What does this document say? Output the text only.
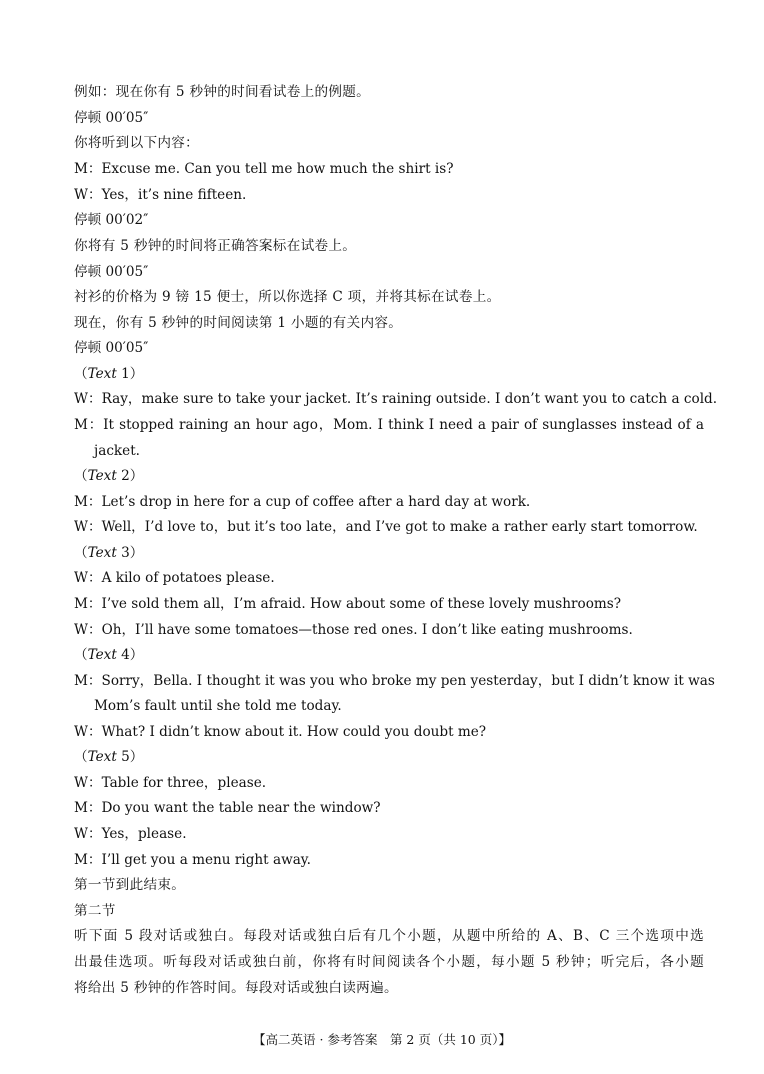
例如：现在你有 5 秒钟的时间看试卷上的例题。
停顿 00′05″
你将听到以下内容：
M：Excuse me. Can you tell me how much the shirt is?
W：Yes，it’s nine fifteen.
停顿 00′02″
你将有 5 秒钟的时间将正确答案标在试卷上。
停顿 00′05″
衬衫的价格为 9 镑 15 便士，所以你选择 C 项，并将其标在试卷上。
现在，你有 5 秒钟的时间阅读第 1 小题的有关内容。
停顿 00′05″
（Text 1）
W：Ray，make sure to take your jacket. It’s raining outside. I don’t want you to catch a cold.
M：It stopped raining an hour ago，Mom. I think I need a pair of sunglasses instead of a
jacket.
（Text 2）
M：Let’s drop in here for a cup of coffee after a hard day at work.
W：Well，I’d love to，but it’s too late，and I’ve got to make a rather early start tomorrow.
（Text 3）
W：A kilo of potatoes please.
M：I’ve sold them all，I’m afraid. How about some of these lovely mushrooms?
W：Oh，I’ll have some tomatoes—those red ones. I don’t like eating mushrooms.
（Text 4）
M：Sorry，Bella. I thought it was you who broke my pen yesterday，but I didn’t know it was
Mom’s fault until she told me today.
W：What? I didn’t know about it. How could you doubt me?
（Text 5）
W：Table for three，please.
M：Do you want the table near the window?
W：Yes，please.
M：I’ll get you a menu right away.
第一节到此结束。
第二节
听下面 5 段对话或独白。每段对话或独白后有几个小题，从题中所给的 A、B、C 三个选项中选
出最佳选项。听每段对话或独白前，你将有时间阅读各个小题，每小题 5 秒钟；听完后，各小题
将给出 5 秒钟的作答时间。每段对话或独白读两遍。
【高二英语 · 参考答案　第 2 页（共 10 页）】
